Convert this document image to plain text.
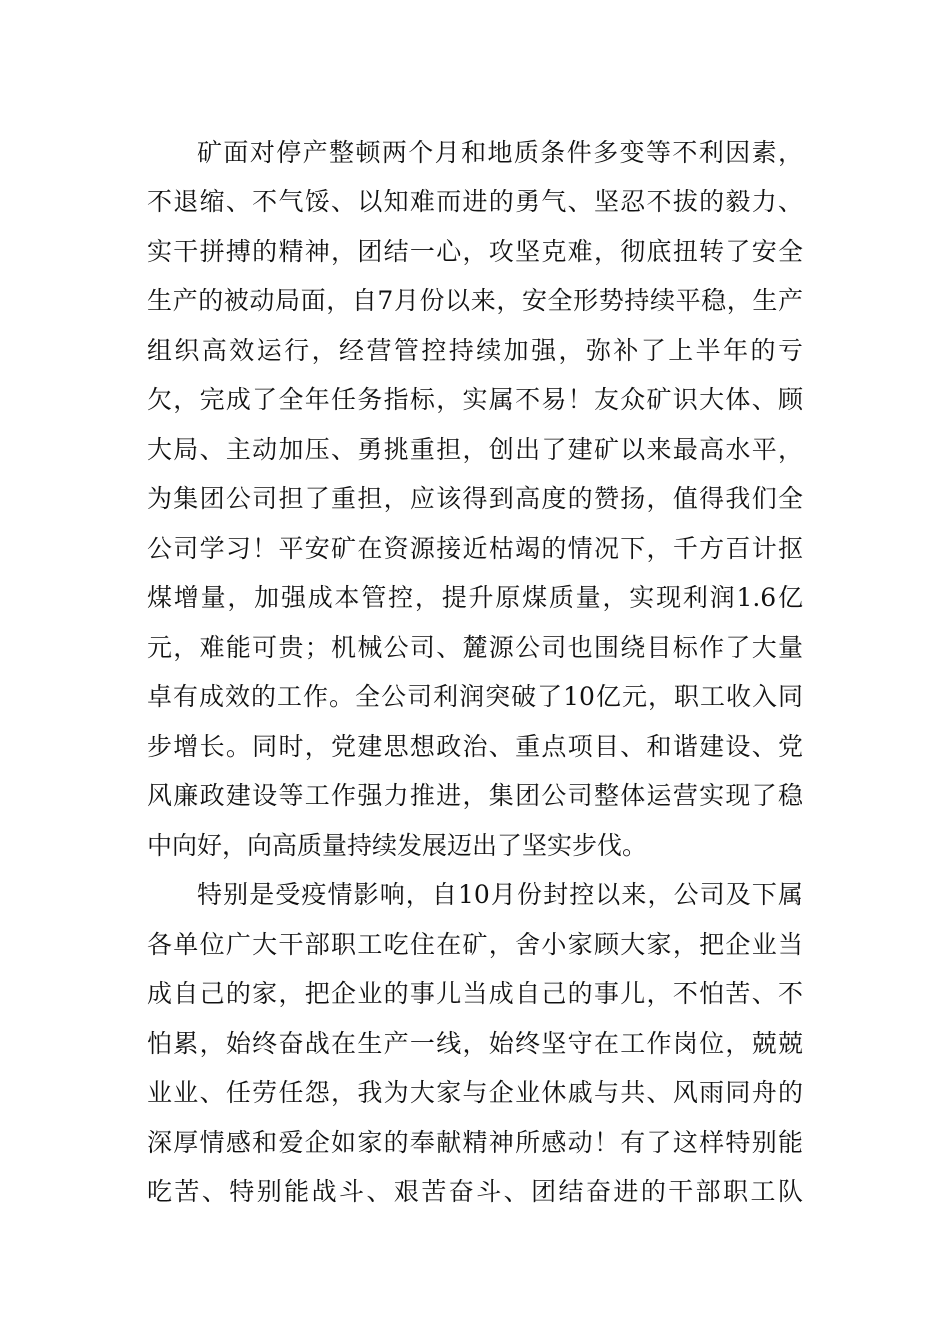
矿面对停产整顿两个月和地质条件多变等不利因素，
不退缩、不气馁、以知难而进的勇气、坚忍不拔的毅力、
实干拼搏的精神，团结一心，攻坚克难，彻底扭转了安全
生产的被动局面，自7月份以来，安全形势持续平稳，生产
组织高效运行，经营管控持续加强，弥补了上半年的亏
欠，完成了全年任务指标，实属不易！友众矿识大体、顾
大局、主动加压、勇挑重担，创出了建矿以来最高水平，
为集团公司担了重担，应该得到高度的赞扬，值得我们全
公司学习！平安矿在资源接近枯竭的情况下，千方百计抠
煤增量，加强成本管控，提升原煤质量，实现利润1.6亿
元，难能可贵；机械公司、麓源公司也围绕目标作了大量
卓有成效的工作。全公司利润突破了10亿元，职工收入同
步增长。同时，党建思想政治、重点项目、和谐建设、党
风廉政建设等工作强力推进，集团公司整体运营实现了稳
中向好，向高质量持续发展迈出了坚实步伐。
特别是受疫情影响，自10月份封控以来，公司及下属
各单位广大干部职工吃住在矿，舍小家顾大家，把企业当
成自己的家，把企业的事儿当成自己的事儿，不怕苦、不
怕累，始终奋战在生产一线，始终坚守在工作岗位，兢兢
业业、任劳任怨，我为大家与企业休戚与共、风雨同舟的
深厚情感和爱企如家的奉献精神所感动！有了这样特别能
吃苦、特别能战斗、艰苦奋斗、团结奋进的干部职工队
